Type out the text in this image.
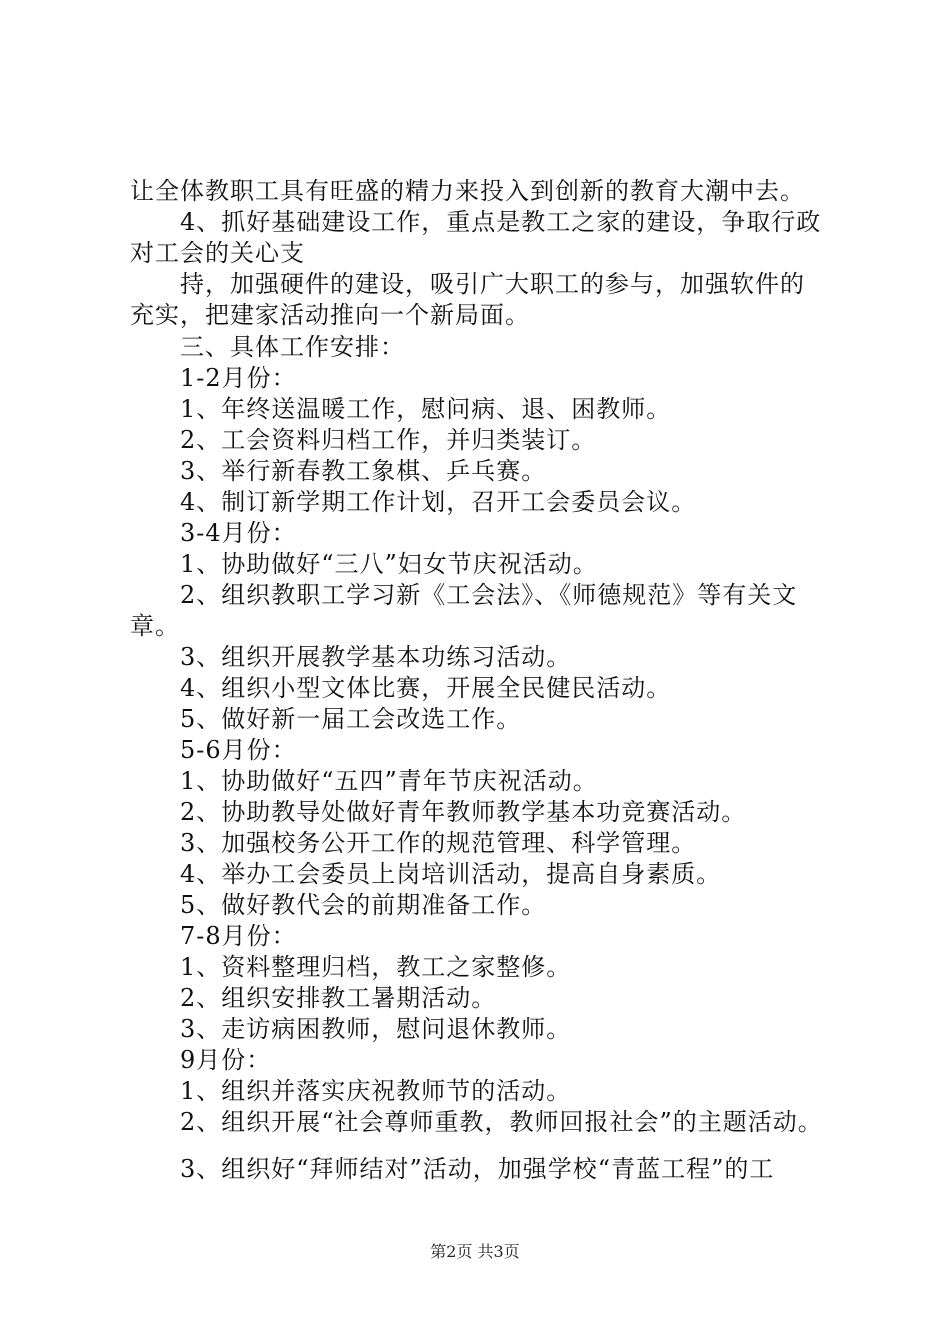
让全体教职工具有旺盛的精力来投入到创新的教育大潮中去。
4、抓好基础建设工作，重点是教工之家的建设，争取行政
对工会的关心支
持，加强硬件的建设，吸引广大职工的参与，加强软件的
充实，把建家活动推向一个新局面。
三、具体工作安排：
1-2月份：
1、年终送温暖工作，慰问病、退、困教师。
2、工会资料归档工作，并归类装订。
3、举行新春教工象棋、乒乓赛。
4、制订新学期工作计划，召开工会委员会议。
3-4月份：
1、协助做好“三八”妇女节庆祝活动。
2、组织教职工学习新《工会法》、《师德规范》等有关文
章。
3、组织开展教学基本功练习活动。
4、组织小型文体比赛，开展全民健民活动。
5、做好新一届工会改选工作。
5-6月份：
1、协助做好“五四”青年节庆祝活动。
2、协助教导处做好青年教师教学基本功竞赛活动。
3、加强校务公开工作的规范管理、科学管理。
4、举办工会委员上岗培训活动，提高自身素质。
5、做好教代会的前期准备工作。
7-8月份：
1、资料整理归档，教工之家整修。
2、组织安排教工暑期活动。
3、走访病困教师，慰问退休教师。
9月份：
1、组织并落实庆祝教师节的活动。
2、组织开展“社会尊师重教，教师回报社会”的主题活动。
3、组织好“拜师结对”活动，加强学校“青蓝工程”的工
第2页 共3页
